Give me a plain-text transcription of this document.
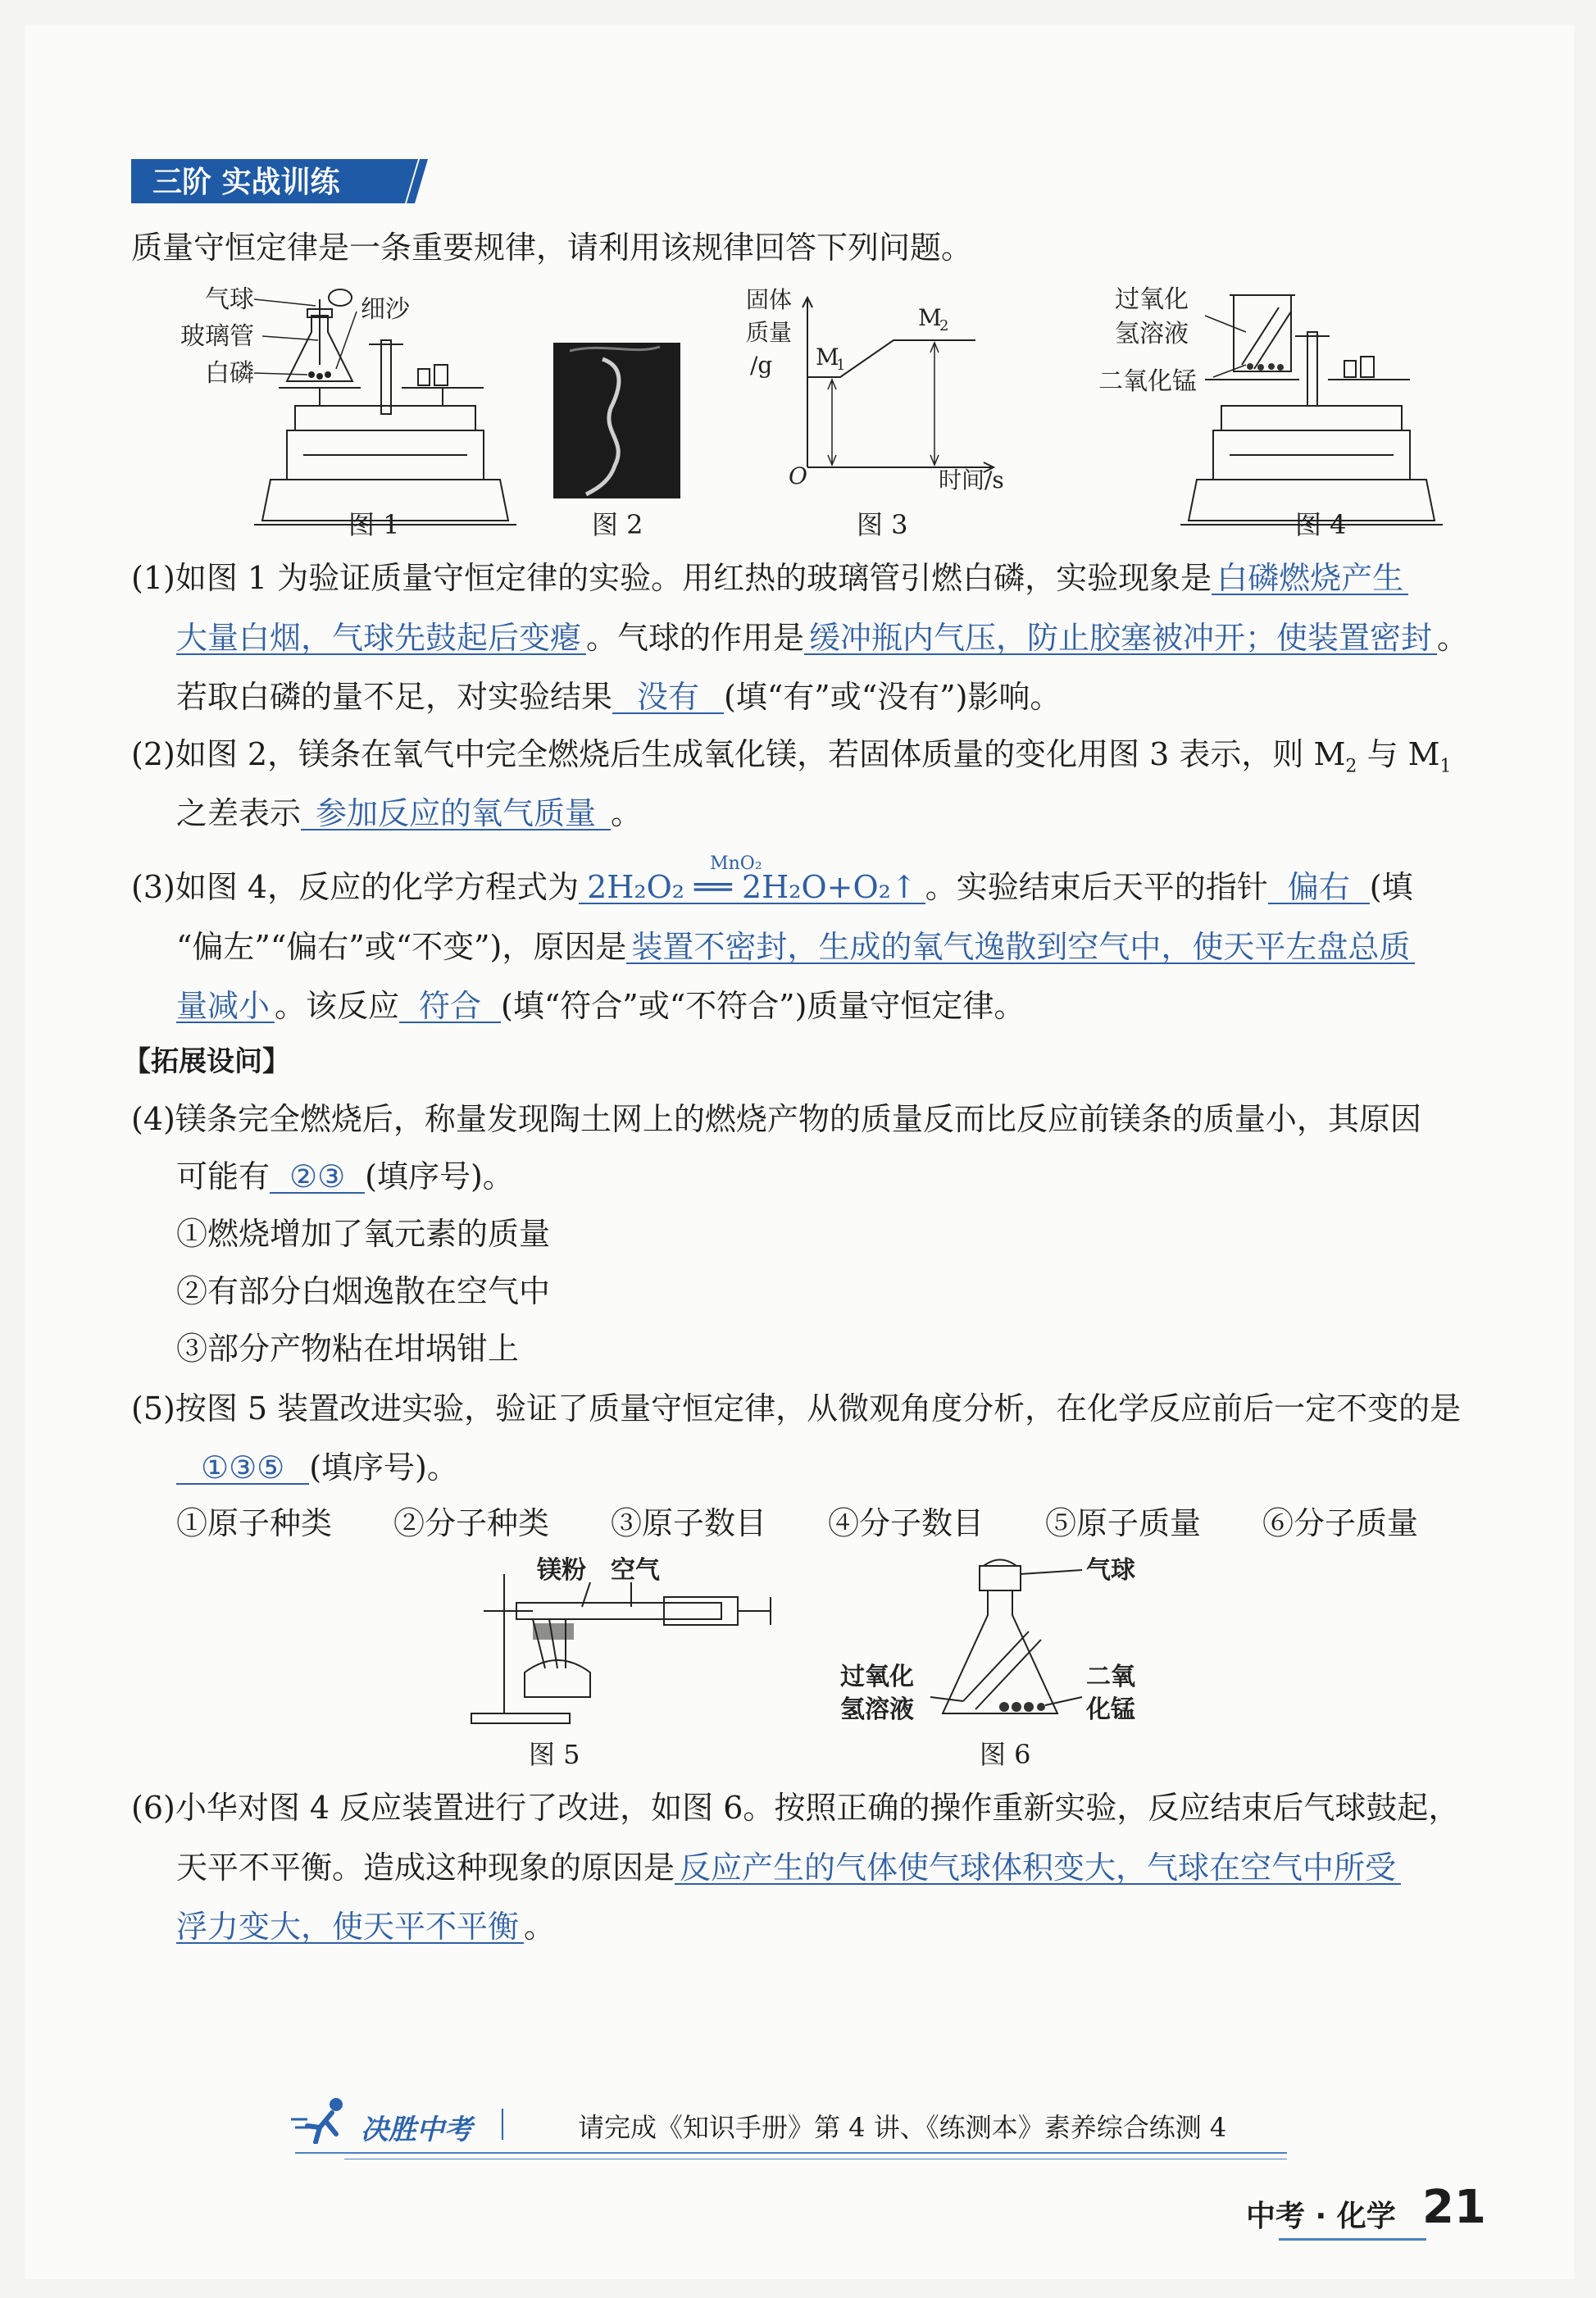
三阶 实战训练
质量守恒定律是一条重要规律，请利用该规律回答下列问题。
气球
玻璃管
白磷
细沙
图 1	图 2
固体
质量
/g M
1
M
2
O	时间/s
图 3
过氧化
氢溶液
二氧化锰
图 4
(1)如图 1 为验证质量守恒定律的实验。用红热的玻璃管引燃白磷，实验现象是 白磷燃烧产生
大量白烟，气球先鼓起后变瘪 。气球的作用是 缓冲瓶内气压，防止胶塞被冲开；使装置密封 。
若取白磷的量不足，对实验结果 没有 (填“有”或“没有”)影响。
(2)如图 2，镁条在氧气中完全燃烧后生成氧化镁，若固体质量的变化用图 3 表示，则 $M_2$ 与 $M_1$
之差表示 参加反应的氧气质量 。
(3)如图 4，反应的化学方程式为
MnO₂
2H₂O₂ ══ 2H₂O+O₂↑ 。实验结束后天平的指针 偏右 (填
“偏左”“偏右”或“不变”)，原因是 装置不密封，生成的氧气逸散到空气中，使天平左盘总质
量减小 。该反应 符合 (填“符合”或“不符合”)质量守恒定律。
【拓展设问】
(4)镁条完全燃烧后，称量发现陶土网上的燃烧产物的质量反而比反应前镁条的质量小，其原因
可能有 ②③ (填序号)。
①燃烧增加了氧元素的质量
②有部分白烟逸散在空气中
③部分产物粘在坩埚钳上
(5)按图 5 装置改进实验，验证了质量守恒定律，从微观角度分析，在化学反应前后一定不变的是
①③⑤ (填序号)。
①原子种类 ②分子种类 ③原子数目 ④分子数目 ⑤原子质量 ⑥分子质量
镁粉 空气
图 5
气球
过氧化
氢溶液
二氧
化锰
图 6
(6)小华对图 4 反应装置进行了改进，如图 6。按照正确的操作重新实验，反应结束后气球鼓起，
天平不平衡。造成这种现象的原因是 反应产生的气体使气球体积变大，气球在空气中所受
浮力变大，使天平不平衡 。
决胜中考	请完成《知识手册》第 4 讲、《练测本》素养综合练测 4
中考 · 化学 21
